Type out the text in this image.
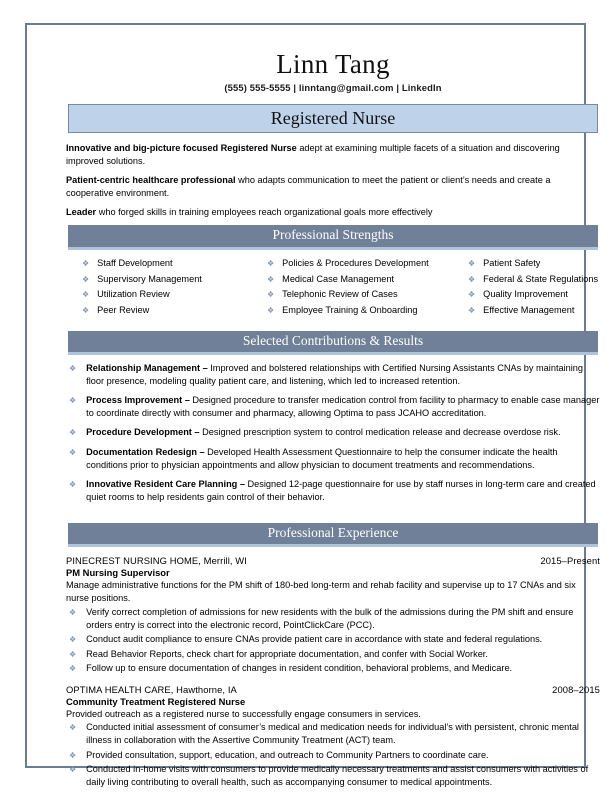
Linn Tang
(555) 555-5555 | linntang@gmail.com | LinkedIn
Registered Nurse

Innovative and big-picture focused Registered Nurse adept at examining multiple facets of a situation and discovering improved solutions.

Patient-centric healthcare professional who adapts communication to meet the patient or client’s needs and create a cooperative environment.

Leader who forged skills in training employees reach organizational goals more effectively

Professional Strengths
❖ Staff Development	❖ Policies & Procedures Development	❖ Patient Safety
❖ Supervisory Management	❖ Medical Case Management	❖ Federal & State Regulations
❖ Utilization Review	❖ Telephonic Review of Cases	❖ Quality Improvement
❖ Peer Review	❖ Employee Training & Onboarding	❖ Effective Management
Selected Contributions & Results
❖ Relationship Management – Improved and bolstered relationships with Certified Nursing Assistants CNAs by maintaining floor presence, modeling quality patient care, and listening, which led to increased retention.
❖ Process Improvement – Designed procedure to transfer medication control from facility to pharmacy to enable case manager to coordinate directly with consumer and pharmacy, allowing Optima to pass JCAHO accreditation.
❖ Procedure Development – Designed prescription system to control medication release and decrease overdose risk.
❖ Documentation Redesign – Developed Health Assessment Questionnaire to help the consumer indicate the health conditions prior to physician appointments and allow physician to document treatments and recommendations.
❖ Innovative Resident Care Planning – Designed 12-page questionnaire for use by staff nurses in long-term care and created quiet rooms to help residents gain control of their behavior.
Professional Experience
PINECREST NURSING HOME, Merrill, WI	2015–Present
PM Nursing Supervisor
Manage administrative functions for the PM shift of 180-bed long-term and rehab facility and supervise up to 17 CNAs and six nurse positions.
❖ Verify correct completion of admissions for new residents with the bulk of the admissions during the PM shift and ensure orders entry is correct into the electronic record, PointClickCare (PCC).
❖ Conduct audit compliance to ensure CNAs provide patient care in accordance with state and federal regulations.
❖ Read Behavior Reports, check chart for appropriate documentation, and confer with Social Worker.
❖ Follow up to ensure documentation of changes in resident condition, behavioral problems, and Medicare.
OPTIMA HEALTH CARE, Hawthorne, IA	2008–2015
Community Treatment Registered Nurse
Provided outreach as a registered nurse to successfully engage consumers in services.
❖ Conducted initial assessment of consumer’s medical and medication needs for individual’s with persistent, chronic mental illness in collaboration with the Assertive Community Treatment (ACT) team.
❖ Provided consultation, support, education, and outreach to Community Partners to coordinate care.
❖ Conducted in-home visits with consumers to provide medically necessary treatments and assist consumers with activities of daily living contributing to overall health, such as accompanying consumer to medical appointments.
